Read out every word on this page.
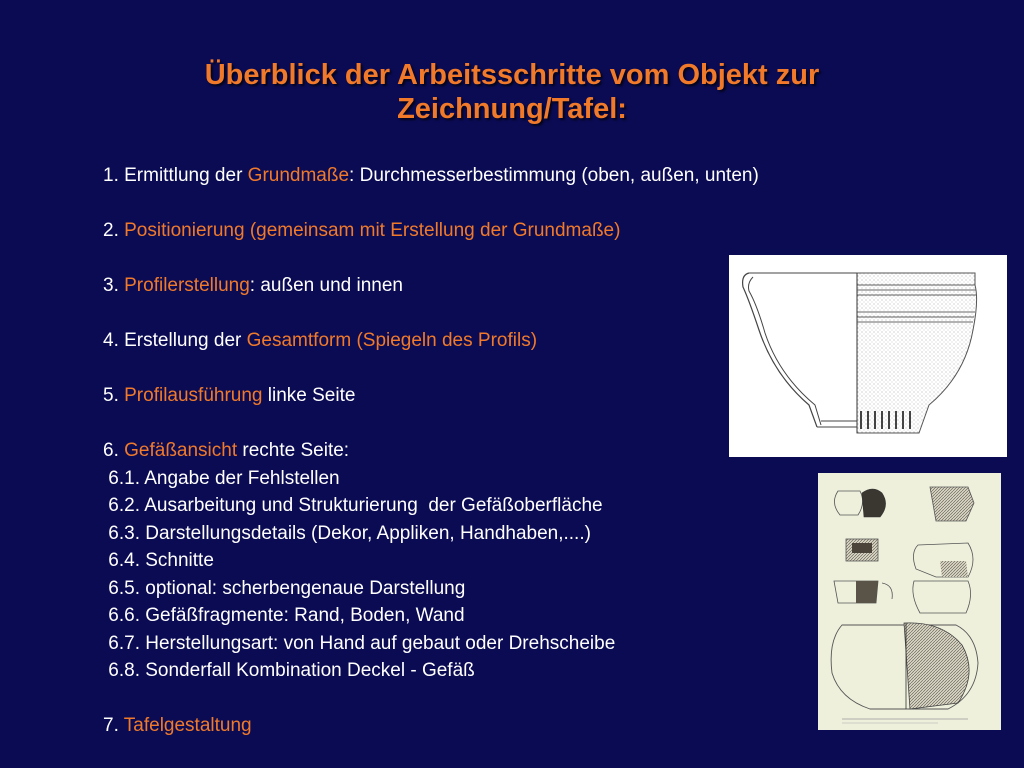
Überblick der Arbeitsschritte vom Objekt zur
Zeichnung/Tafel:
1. Ermittlung der Grundmaße: Durchmesserbestimmung (oben, außen, unten)
2. Positionierung (gemeinsam mit Erstellung der Grundmaße)
3. Profilerstellung: außen und innen
4. Erstellung der Gesamtform (Spiegeln des Profils)
5. Profilausführung linke Seite
6. Gefäßansicht rechte Seite:
6.1. Angabe der Fehlstellen
6.2. Ausarbeitung und Strukturierung  der Gefäßoberfläche
6.3. Darstellungsdetails (Dekor, Appliken, Handhaben,....)
6.4. Schnitte
6.5. optional: scherbengenaue Darstellung
6.6. Gefäßfragmente: Rand, Boden, Wand
6.7. Herstellungsart: von Hand auf gebaut oder Drehscheibe
6.8. Sonderfall Kombination Deckel - Gefäß
7. Tafelgestaltung
